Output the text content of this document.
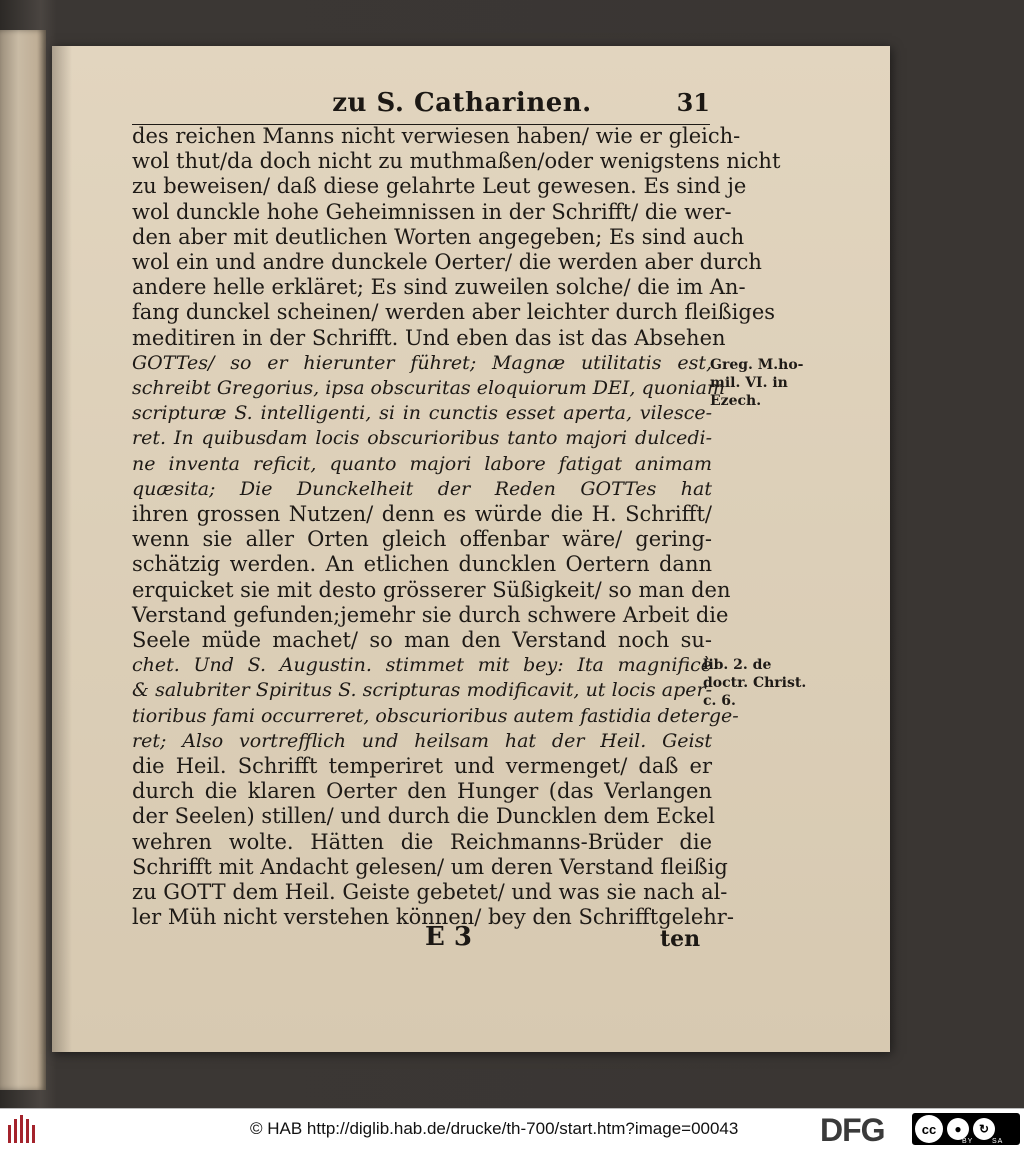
zu S. Catharinen.	31
des reichen Manns nicht verwiesen haben/ wie er gleich-
wol thut/da doch nicht zu muthmaßen/oder wenigstens nicht
zu beweisen/ daß diese gelahrte Leut gewesen. Es sind je
wol dunckle hohe Geheimnissen in der Schrifft/ die wer-
den aber mit deutlichen Worten angegeben; Es sind auch
wol ein und andre dunckele Oerter/ die werden aber durch
andere helle erkläret; Es sind zuweilen solche/ die im An-
fang dunckel scheinen/ werden aber leichter durch fleißiges
meditiren in der Schrifft. Und eben das ist das Absehen
GOTTes/ so er hierunter führet; Magnæ utilitatis est,
schreibt Gregorius, ipsa obscuritas eloquiorum DEI, quoniam
scripturæ S. intelligenti, si in cunctis esset aperta, vilesce-
ret. In quibusdam locis obscurioribus tanto majori dulcedi-
ne inventa reficit, quanto majori labore fatigat animam
quæsita; Die Dunckelheit der Reden GOTTes hat
ihren grossen Nutzen/ denn es würde die H. Schrifft/
wenn sie aller Orten gleich offenbar wäre/ gering-
schätzig werden. An etlichen duncklen Oertern dann
erquicket sie mit desto grösserer Süßigkeit/ so man den
Verstand gefunden;jemehr sie durch schwere Arbeit die
Seele müde machet/ so man den Verstand noch su-
chet. Und S. Augustin. stimmet mit bey: Ita magnificè
& salubriter Spiritus S. scripturas modificavit, ut locis aper-
tioribus fami occurreret, obscurioribus autem fastidia deterge-
ret; Also vortrefflich und heilsam hat der Heil. Geist
die Heil. Schrifft temperiret und vermenget/ daß er
durch die klaren Oerter den Hunger (das Verlangen
der Seelen) stillen/ und durch die Duncklen dem Eckel
wehren wolte. Hätten die Reichmanns-Brüder die
Schrifft mit Andacht gelesen/ um deren Verstand fleißig
zu GOTT dem Heil. Geiste gebetet/ und was sie nach al-
ler Müh nicht verstehen können/ bey den Schrifftgelehr-
Greg. M.ho-
mil. VI. in
Ezech.
lib. 2. de
doctr. Christ.
c. 6.
E 3	ten
© HAB http://diglib.hab.de/drucke/th-700/start.htm?image=00043	DFG	cc	●	↻
BY	SA
